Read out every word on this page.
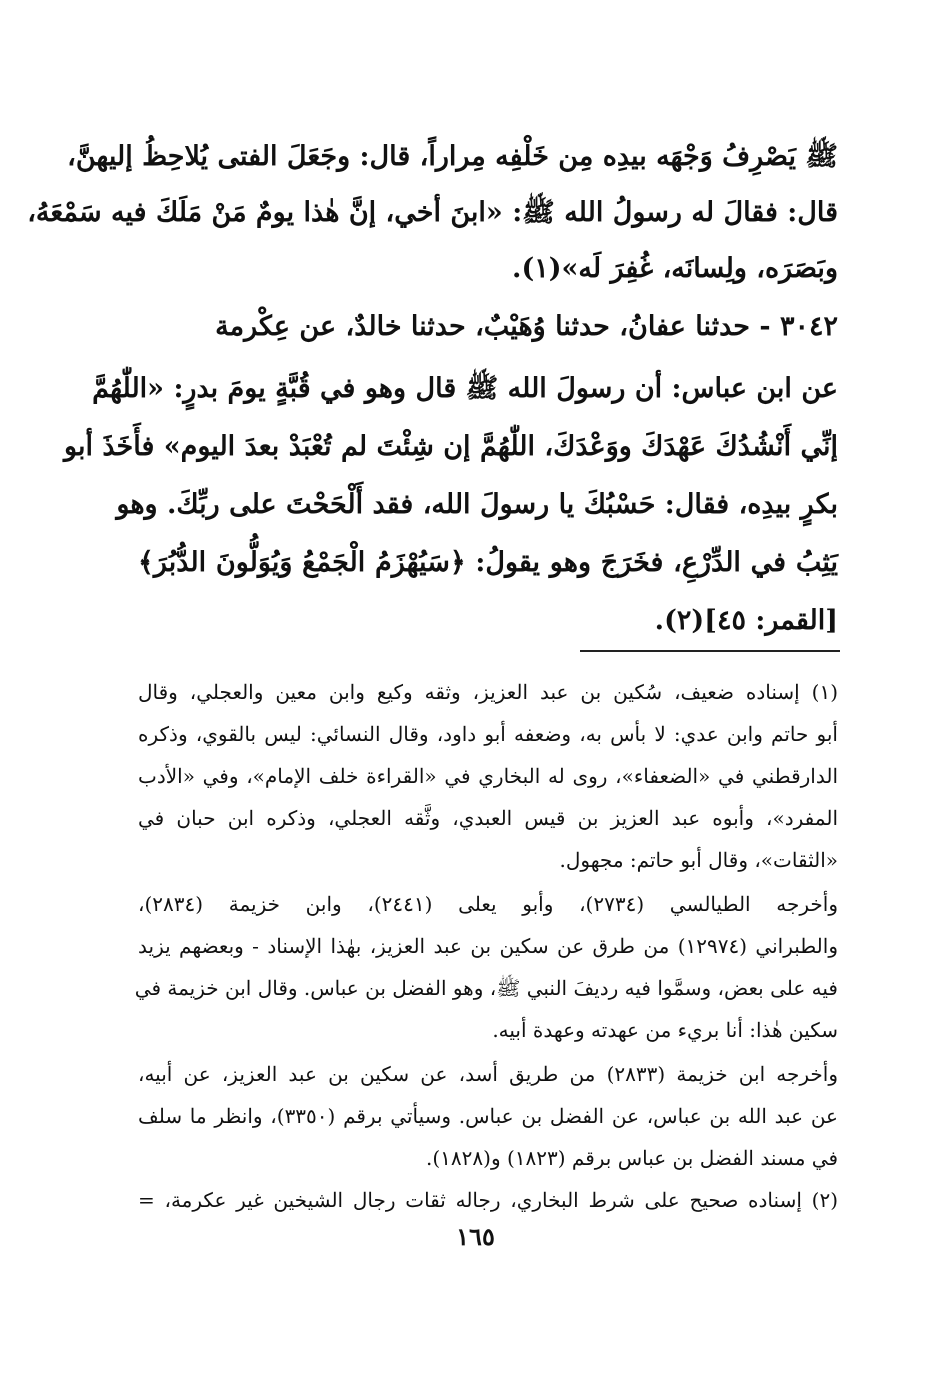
ﷺ يَصْرِفُ وَجْهَه بيدِه مِن خَلْفِه مِراراً، قال: وجَعَلَ الفتى يُلاحِظُ إليهنَّ،
قال: فقالَ له رسولُ الله ﷺ: «ابنَ أخي، إنَّ هٰذا يومٌ مَنْ مَلَكَ فيه سَمْعَهُ،
وبَصَرَه، ولِسانَه، غُفِرَ لَه»(١).
٣٠٤٢ - حدثنا عفانُ، حدثنا وُهَيْبٌ، حدثنا خالدٌ، عن عِكْرمة
عن ابن عباس: أن رسولَ الله ﷺ قال وهو في قُبَّةٍ يومَ بدرٍ: «اللّٰهُمَّ
إنِّي أَنْشُدُكَ عَهْدَكَ ووَعْدَكَ، اللّٰهُمَّ إن شِئْتَ لم تُعْبَدْ بعدَ اليوم» فأَخَذَ أبو
بكرٍ بيدِه، فقال: حَسْبُكَ يا رسولَ الله، فقد أَلْحَحْتَ على ربِّكَ. وهو
يَثِبُ في الدِّرْعِ، فخَرَجَ وهو يقولُ: ﴿سَيُهْزَمُ الْجَمْعُ وَيُوَلُّونَ الدُّبُرَ﴾
[القمر: ٤٥](٢).
(١) إسناده ضعيف، سُكين بن عبد العزيز، وثقه وكيع وابن معين والعجلي، وقال
أبو حاتم وابن عدي: لا بأس به، وضعفه أبو داود، وقال النسائي: ليس بالقوي، وذكره
الدارقطني في «الضعفاء»، روى له البخاري في «القراءة خلف الإمام»، وفي «الأدب
المفرد»، وأبوه عبد العزيز بن قيس العبدي، وثَّقه العجلي، وذكره ابن حبان في
«الثقات»، وقال أبو حاتم: مجهول.
وأخرجه الطيالسي (٢٧٣٤)، وأبو يعلى (٢٤٤١)، وابن خزيمة (٢٨٣٤)،
والطبراني (١٢٩٧٤) من طرق عن سكين بن عبد العزيز، بهٰذا الإسناد - وبعضهم يزيد
فيه على بعض، وسمَّوا فيه رديفَ النبي ﷺ، وهو الفضل بن عباس. وقال ابن خزيمة في
سكين هٰذا: أنا بريء من عهدته وعهدة أبيه.
وأخرجه ابن خزيمة (٢٨٣٣) من طريق أسد، عن سكين بن عبد العزيز، عن أبيه،
عن عبد الله بن عباس، عن الفضل بن عباس. وسيأتي برقم (٣٣٥٠)، وانظر ما سلف
في مسند الفضل بن عباس برقم (١٨٢٣) و(١٨٢٨).
(٢) إسناده صحيح على شرط البخاري، رجاله ثقات رجال الشيخين غير عكرمة، =
١٦٥
